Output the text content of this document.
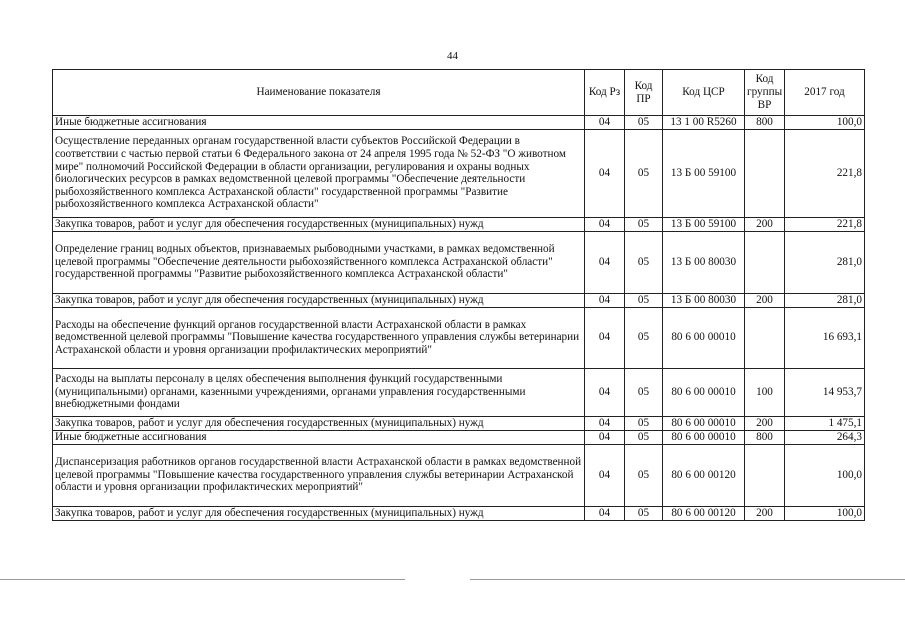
44
Наименование показателя	Код Рз	Код ПР	Код ЦСР	Код группы ВР	2017 год
Иные бюджетные ассигнования	04	05	13 1 00 R5260	800	100,0
Осуществление переданных органам государственной власти субъектов Российской Федерации в соответствии с частью первой статьи 6 Федерального закона от 24 апреля 1995 года № 52-ФЗ "О животном мире" полномочий Российской Федерации в области организации, регулирования и охраны водных биологических ресурсов в рамках ведомственной целевой программы "Обеспечение деятельности рыбохозяйственного комплекса Астраханской области" государственной программы "Развитие рыбохозяйственного комплекса Астраханской области"	04	05	13 Б 00 59100		221,8
Закупка товаров, работ и услуг для обеспечения государственных (муниципальных) нужд	04	05	13 Б 00 59100	200	221,8
Определение границ водных объектов, признаваемых рыбоводными участками, в рамках ведомственной целевой программы "Обеспечение деятельности рыбохозяйственного комплекса Астраханской области" государственной программы "Развитие рыбохозяйственного комплекса Астраханской области"	04	05	13 Б 00 80030		281,0
Закупка товаров, работ и услуг для обеспечения государственных (муниципальных) нужд	04	05	13 Б 00 80030	200	281,0
Расходы на обеспечение функций органов государственной власти Астраханской области в рамках ведомственной целевой программы "Повышение качества государственного управления службы ветеринарии Астраханской области и уровня организации профилактических мероприятий"	04	05	80 6 00 00010		16 693,1
Расходы на выплаты персоналу в целях обеспечения выполнения функций государственными (муниципальными) органами, казенными учреждениями, органами управления государственными внебюджетными фондами	04	05	80 6 00 00010	100	14 953,7
Закупка товаров, работ и услуг для обеспечения государственных (муниципальных) нужд	04	05	80 6 00 00010	200	1 475,1
Иные бюджетные ассигнования	04	05	80 6 00 00010	800	264,3
Диспансеризация работников органов государственной власти Астраханской области в рамках ведомственной целевой программы "Повышение качества государственного управления службы ветеринарии Астраханской области и уровня организации профилактических мероприятий"	04	05	80 6 00 00120		100,0
Закупка товаров, работ и услуг для обеспечения государственных (муниципальных) нужд	04	05	80 6 00 00120	200	100,0
